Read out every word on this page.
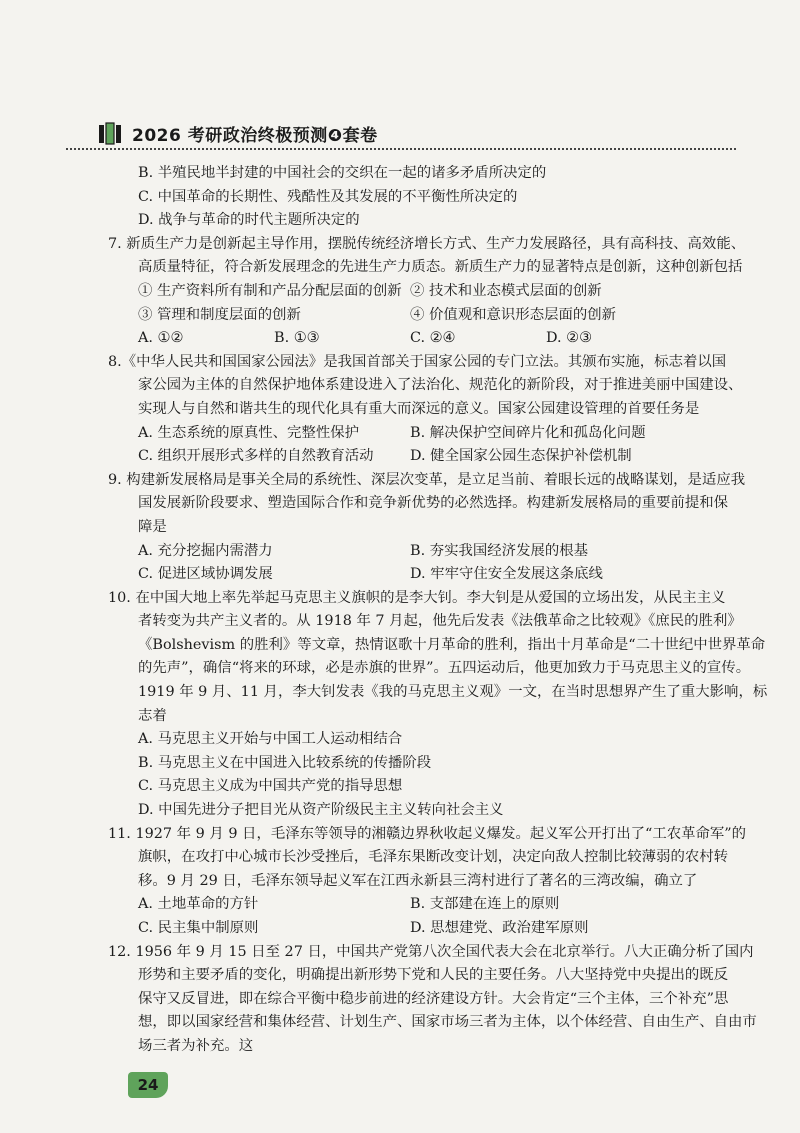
2026 考研政治终极预测❹套卷
B. 半殖民地半封建的中国社会的交织在一起的诸多矛盾所决定的
C. 中国革命的长期性、残酷性及其发展的不平衡性所决定的
D. 战争与革命的时代主题所决定的
7. 新质生产力是创新起主导作用，摆脱传统经济增长方式、生产力发展路径，具有高科技、高效能、
高质量特征，符合新发展理念的先进生产力质态。新质生产力的显著特点是创新，这种创新包括
① 生产资料所有制和产品分配层面的创新 ② 技术和业态模式层面的创新
③ 管理和制度层面的创新	④ 价值观和意识形态层面的创新
A. ①②	B. ①③	C. ②④	D. ②③
8.《中华人民共和国国家公园法》是我国首部关于国家公园的专门立法。其颁布实施，标志着以国
家公园为主体的自然保护地体系建设进入了法治化、规范化的新阶段，对于推进美丽中国建设、
实现人与自然和谐共生的现代化具有重大而深远的意义。国家公园建设管理的首要任务是
A. 生态系统的原真性、完整性保护	B. 解决保护空间碎片化和孤岛化问题
C. 组织开展形式多样的自然教育活动	D. 健全国家公园生态保护补偿机制
9. 构建新发展格局是事关全局的系统性、深层次变革，是立足当前、着眼长远的战略谋划，是适应我
国发展新阶段要求、塑造国际合作和竞争新优势的必然选择。构建新发展格局的重要前提和保
障是
A. 充分挖掘内需潜力	B. 夯实我国经济发展的根基
C. 促进区域协调发展	D. 牢牢守住安全发展这条底线
10. 在中国大地上率先举起马克思主义旗帜的是李大钊。李大钊是从爱国的立场出发，从民主主义
者转变为共产主义者的。从 1918 年 7 月起，他先后发表《法俄革命之比较观》《庶民的胜利》
《Bolshevism 的胜利》等文章，热情讴歌十月革命的胜利，指出十月革命是“二十世纪中世界革命
的先声”，确信“将来的环球，必是赤旗的世界”。五四运动后，他更加致力于马克思主义的宣传。
1919 年 9 月、11 月，李大钊发表《我的马克思主义观》一文，在当时思想界产生了重大影响，标
志着
A. 马克思主义开始与中国工人运动相结合
B. 马克思主义在中国进入比较系统的传播阶段
C. 马克思主义成为中国共产党的指导思想
D. 中国先进分子把目光从资产阶级民主主义转向社会主义
11. 1927 年 9 月 9 日，毛泽东等领导的湘赣边界秋收起义爆发。起义军公开打出了“工农革命军”的
旗帜，在攻打中心城市长沙受挫后，毛泽东果断改变计划，决定向敌人控制比较薄弱的农村转
移。9 月 29 日，毛泽东领导起义军在江西永新县三湾村进行了著名的三湾改编，确立了
A. 土地革命的方针	B. 支部建在连上的原则
C. 民主集中制原则	D. 思想建党、政治建军原则
12. 1956 年 9 月 15 日至 27 日，中国共产党第八次全国代表大会在北京举行。八大正确分析了国内
形势和主要矛盾的变化，明确提出新形势下党和人民的主要任务。八大坚持党中央提出的既反
保守又反冒进，即在综合平衡中稳步前进的经济建设方针。大会肯定“三个主体，三个补充”思
想，即以国家经营和集体经营、计划生产、国家市场三者为主体，以个体经营、自由生产、自由市
场三者为补充。这
24
